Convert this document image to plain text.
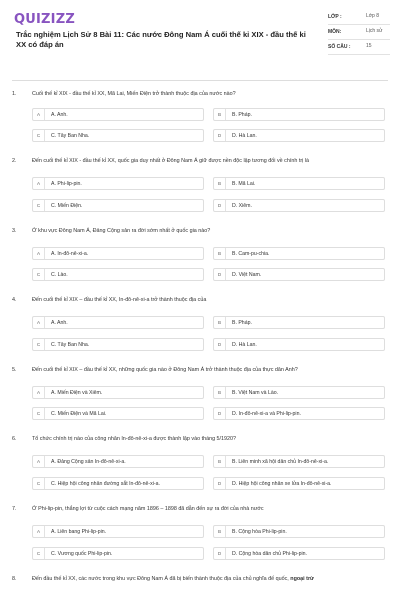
QUIZIZZ
Trắc nghiệm Lịch Sử 8 Bài 11: Các nước Đông Nam Á cuối thế kỉ XIX - đầu thế kỉ XX có đáp án
LỚP :	Lớp 8
MÔN:	Lịch sử
SỐ CÂU :	15
1.	Cuối thế kỉ XIX - đầu thế kỉ XX, Mã Lai, Miến Điện trở thành thuộc địa của nước nào?
A	A. Anh.	B	B. Pháp.
C	C. Tây Ban Nha.	D	D. Hà Lan.
2.	Đến cuối thế kỉ XIX - đầu thế kỉ XX, quốc gia duy nhất ở Đông Nam Á giữ được nền độc lập tương đối về chính trị là
A	A. Phi-lip-pin.	B	B. Mã Lai.
C	C. Miến Điện.	D	D. Xiêm.
3.	Ở khu vực Đông Nam Á, Đảng Cộng sản ra đời sớm nhất ở quốc gia nào?
A	A. In-đô-nê-xi-a.	B	B. Cam-pu-chia.
C	C. Lào.	D	D. Việt Nam.
4.	Đến cuối thế kỉ XIX – đầu thế kỉ XX, In-đô-nê-xi-a trở thành thuộc địa của
A	A. Anh.	B	B. Pháp.
C	C. Tây Ban Nha.	D	D. Hà Lan.
5.	Đến cuối thế kỉ XIX – đầu thế kỉ XX, những quốc gia nào ở Đông Nam Á trở thành thuộc địa của thực dân Anh?
A	A. Miến Điện và Xiêm.	B	B. Việt Nam và Lào.
C	C. Miến Điện và Mã Lai.	D	D. In-đô-nê-xi-a và Phi-lip-pin.
6.	Tổ chức chính trị nào của công nhân In-đô-nê-xi-a được thành lập vào tháng 5/1920?
A	A. Đảng Cộng sản In-đô-nê-xi-a.	B	B. Liên minh xã hội dân chủ In-đô-nê-xi-a.
C	C. Hiệp hội công nhân đường sắt In-đô-nê-xi-a.	D	D. Hiệp hội công nhân xe lửa In-đô-nê-xi-a.
7.	Ở Phi-lip-pin, thắng lợi từ cuộc cách mạng năm 1896 – 1898 đã dẫn đến sự ra đời của nhà nước
A	A. Liên bang Phi-lip-pin.	B	B. Cộng hòa Phi-lip-pin.
C	C. Vương quốc Phi-lip-pin.	D	D. Cộng hòa dân chủ Phi-lip-pin.
8.	Đến đầu thế kỉ XX, các nước trong khu vực Đông Nam Á đã bị biến thành thuộc địa của chủ nghĩa đế quốc, ngoại trừ
